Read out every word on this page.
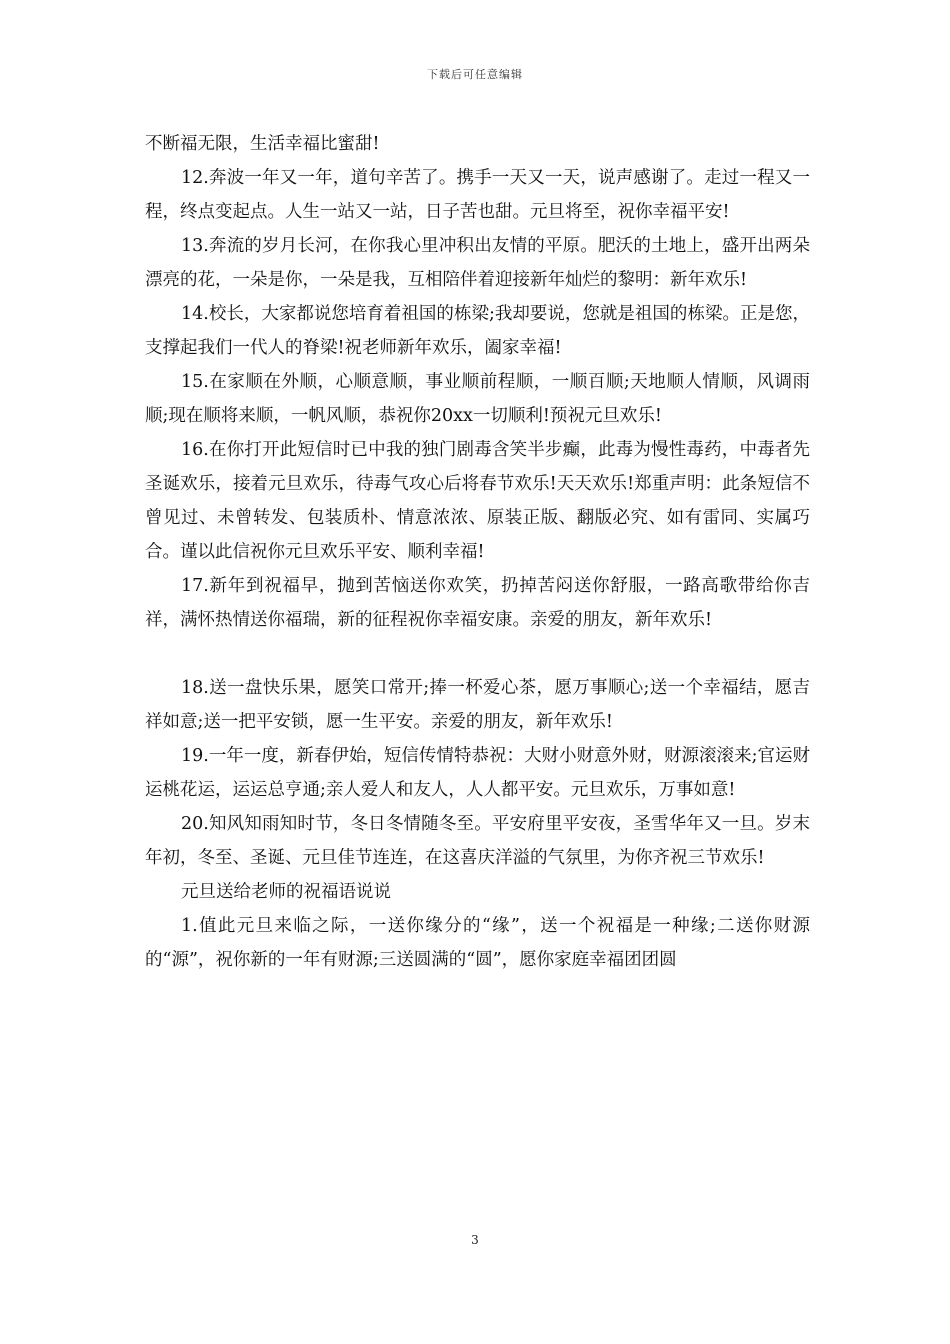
下载后可任意编辑

不断福无限，生活幸福比蜜甜!

12.奔波一年又一年，道句辛苦了。携手一天又一天，说声感谢了。走过一程又一程，终点变起点。人生一站又一站，日子苦也甜。元旦将至，祝你幸福平安!

13.奔流的岁月长河，在你我心里冲积出友情的平原。肥沃的土地上，盛开出两朵漂亮的花，一朵是你，一朵是我，互相陪伴着迎接新年灿烂的黎明：新年欢乐!

14.校长，大家都说您培育着祖国的栋梁;我却要说，您就是祖国的栋梁。正是您，支撑起我们一代人的脊梁!祝老师新年欢乐，阖家幸福!

15.在家顺在外顺，心顺意顺，事业顺前程顺，一顺百顺;天地顺人情顺，风调雨顺;现在顺将来顺，一帆风顺，恭祝你20xx一切顺利!预祝元旦欢乐!

16.在你打开此短信时已中我的独门剧毒含笑半步癫，此毒为慢性毒药，中毒者先圣诞欢乐，接着元旦欢乐，待毒气攻心后将春节欢乐!天天欢乐!郑重声明：此条短信不曾见过、未曾转发、包装质朴、情意浓浓、原装正版、翻版必究、如有雷同、实属巧合。谨以此信祝你元旦欢乐平安、顺利幸福!

17.新年到祝福早，抛到苦恼送你欢笑，扔掉苦闷送你舒服，一路高歌带给你吉祥，满怀热情送你福瑞，新的征程祝你幸福安康。亲爱的朋友，新年欢乐!

18.送一盘快乐果，愿笑口常开;捧一杯爱心茶，愿万事顺心;送一个幸福结，愿吉祥如意;送一把平安锁，愿一生平安。亲爱的朋友，新年欢乐!

19.一年一度，新春伊始，短信传情特恭祝：大财小财意外财，财源滚滚来;官运财运桃花运，运运总亨通;亲人爱人和友人，人人都平安。元旦欢乐，万事如意!

20.知风知雨知时节，冬日冬情随冬至。平安府里平安夜，圣雪华年又一旦。岁末年初，冬至、圣诞、元旦佳节连连，在这喜庆洋溢的气氛里，为你齐祝三节欢乐!

元旦送给老师的祝福语说说

1.值此元旦来临之际，一送你缘分的“缘”，送一个祝福是一种缘;二送你财源的“源”，祝你新的一年有财源;三送圆满的“圆”，愿你家庭幸福团团圆

3
